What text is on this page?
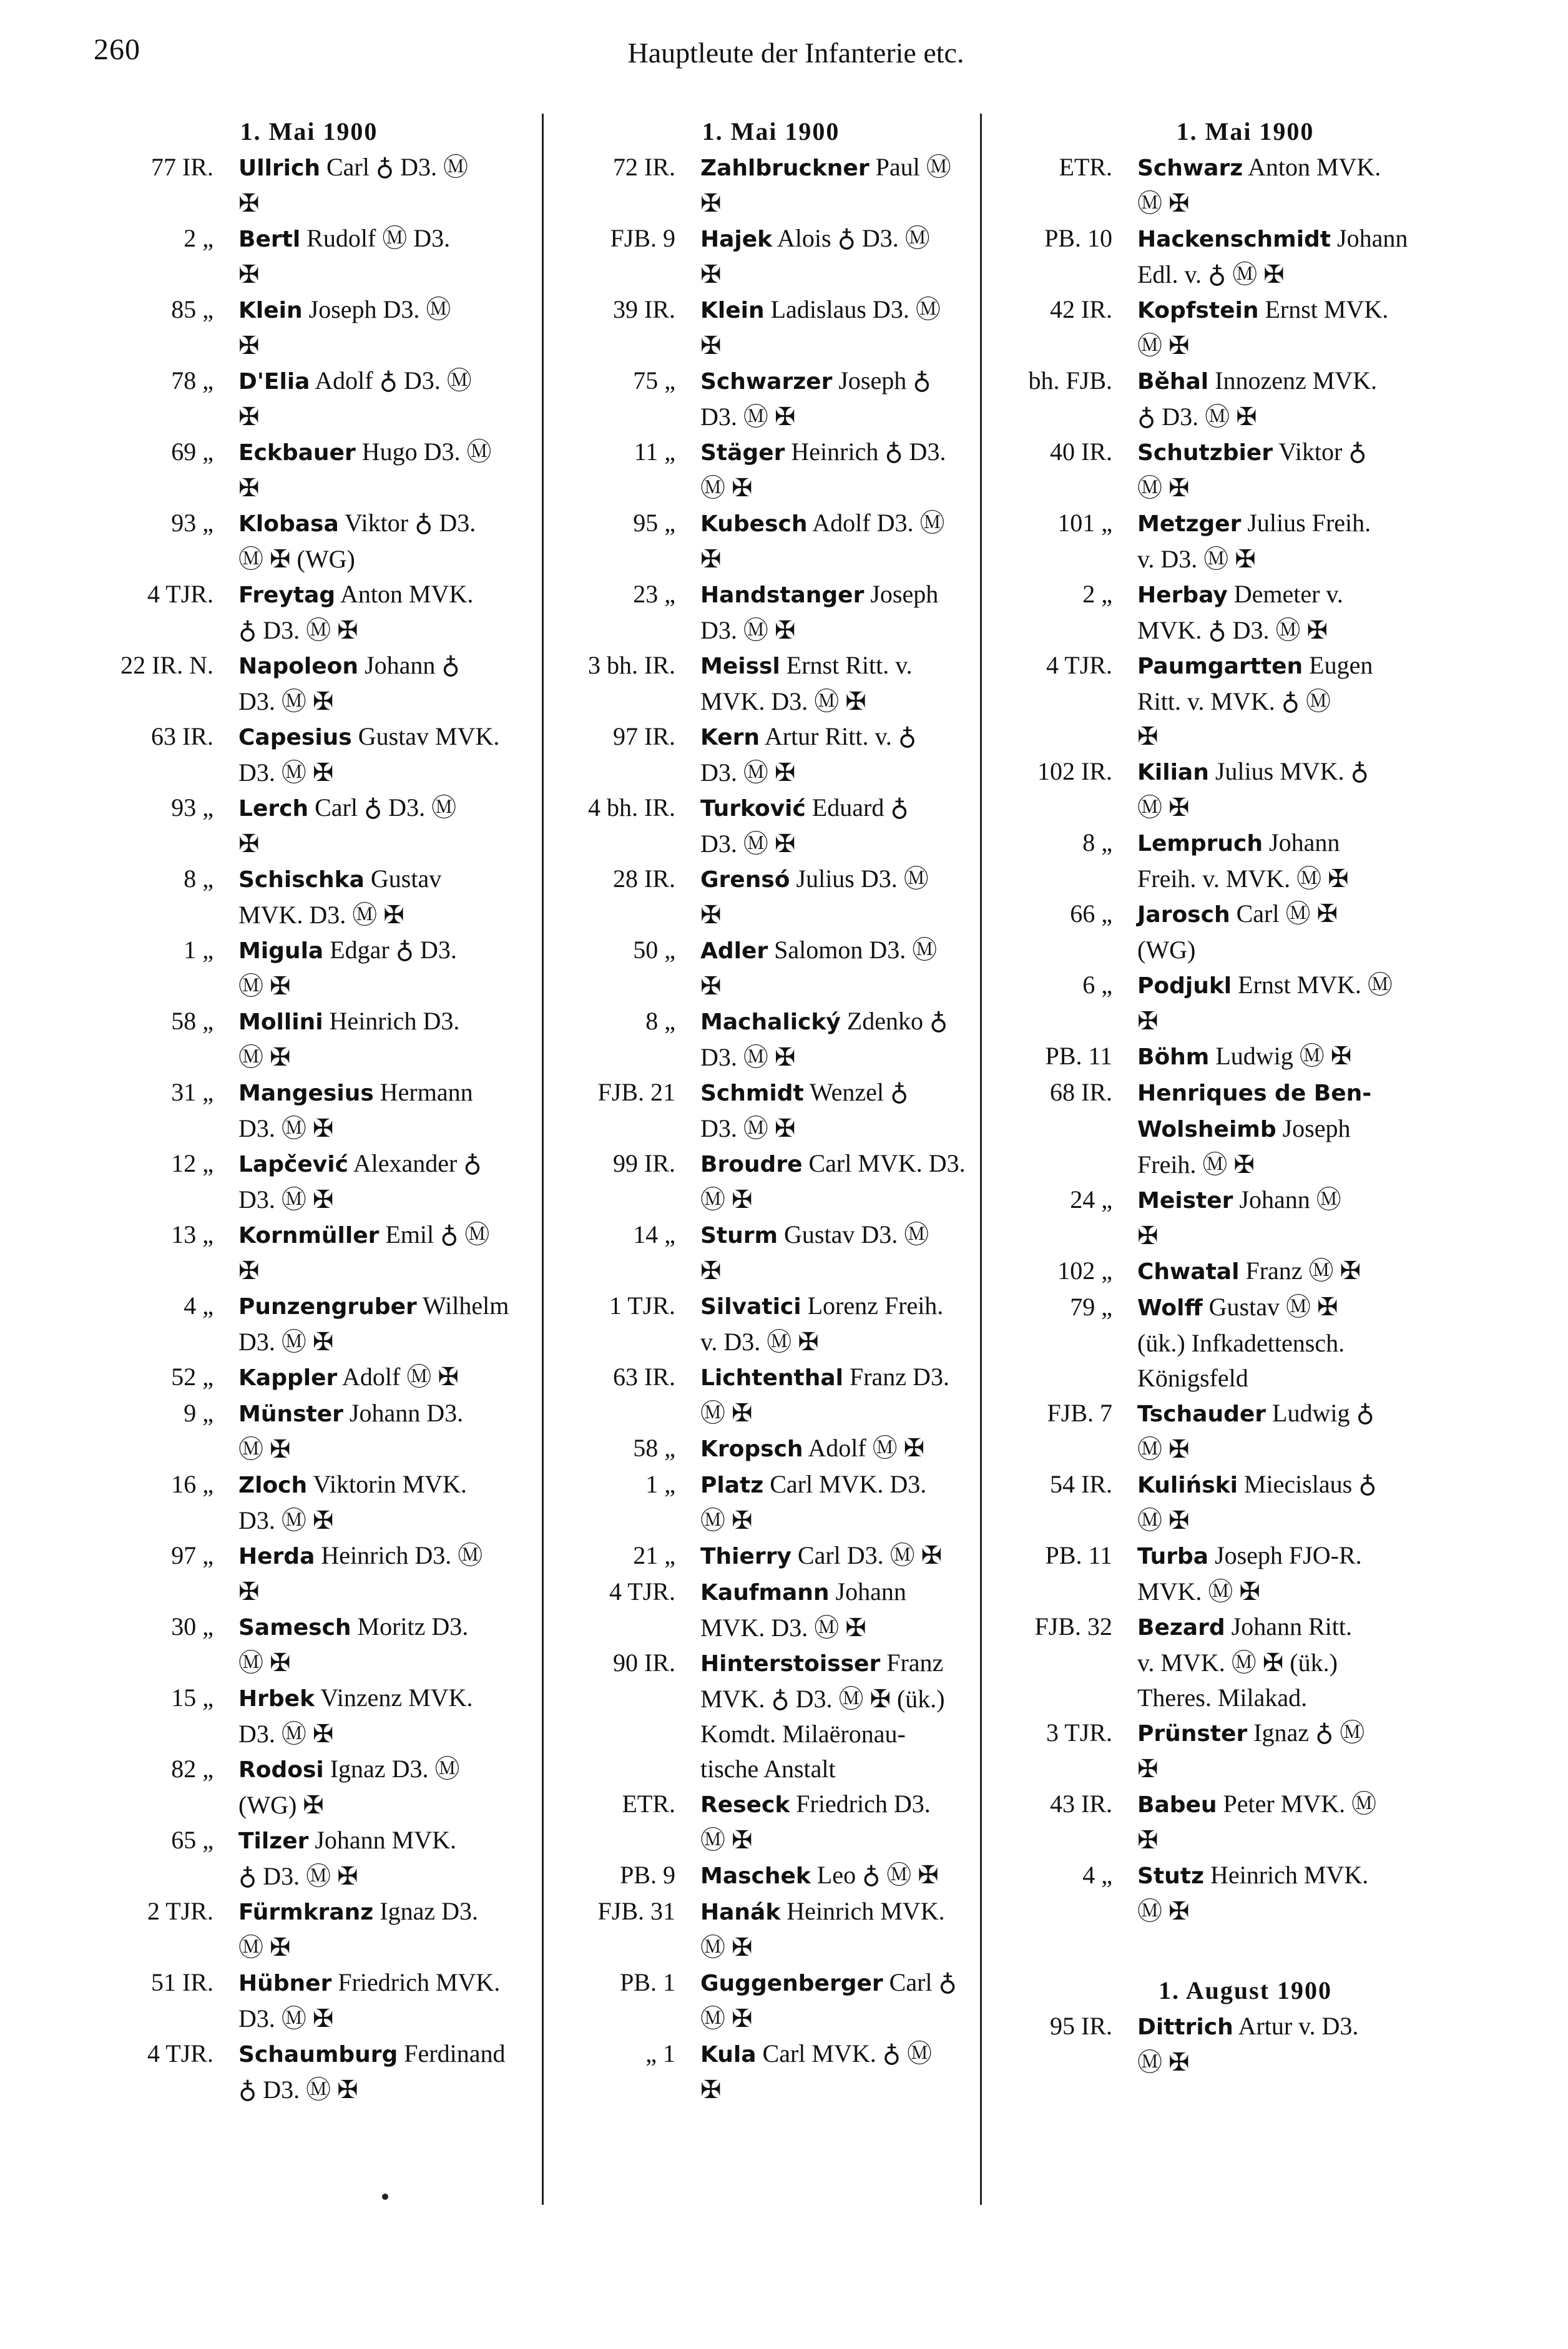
260	Hauptleute der Infanterie etc.
1. Mai 1900
77 IR.	Ullrich Carl ♁ D3. Ⓜ
✠
2 „	Bertl Rudolf Ⓜ D3.
✠
85 „	Klein Joseph D3. Ⓜ
✠
78 „	D'Elia Adolf ♁ D3. Ⓜ
✠
69 „	Eckbauer Hugo D3. Ⓜ
✠
93 „	Klobasa Viktor ♁ D3.
Ⓜ ✠ (WG)
4 TJR.	Freytag Anton MVK.
♁ D3. Ⓜ ✠
22 IR. N.	Napoleon Johann ♁
D3. Ⓜ ✠
63 IR.	Capesius Gustav MVK.
D3. Ⓜ ✠
93 „	Lerch Carl ♁ D3. Ⓜ
✠
8 „	Schischka Gustav
MVK. D3. Ⓜ ✠
1 „	Migula Edgar ♁ D3.
Ⓜ ✠
58 „	Mollini Heinrich D3.
Ⓜ ✠
31 „	Mangesius Hermann
D3. Ⓜ ✠
12 „	Lapčević Alexander ♁
D3. Ⓜ ✠
13 „	Kornmüller Emil ♁ Ⓜ
✠
4 „	Punzengruber Wilhelm
D3. Ⓜ ✠
52 „	Kappler Adolf Ⓜ ✠
9 „	Münster Johann D3.
Ⓜ ✠
16 „	Zloch Viktorin MVK.
D3. Ⓜ ✠
97 „	Herda Heinrich D3. Ⓜ
✠
30 „	Samesch Moritz D3.
Ⓜ ✠
15 „	Hrbek Vinzenz MVK.
D3. Ⓜ ✠
82 „	Rodosi Ignaz D3. Ⓜ
(WG) ✠
65 „	Tilzer Johann MVK.
♁ D3. Ⓜ ✠
2 TJR.	Fürmkranz Ignaz D3.
Ⓜ ✠
51 IR.	Hübner Friedrich MVK.
D3. Ⓜ ✠
4 TJR.	Schaumburg Ferdinand
♁ D3. Ⓜ ✠
1. Mai 1900
72 IR.	Zahlbruckner Paul Ⓜ
✠
FJB. 9	Hajek Alois ♁ D3. Ⓜ
✠
39 IR.	Klein Ladislaus D3. Ⓜ
✠
75 „	Schwarzer Joseph ♁
D3. Ⓜ ✠
11 „	Stäger Heinrich ♁ D3.
Ⓜ ✠
95 „	Kubesch Adolf D3. Ⓜ
✠
23 „	Handstanger Joseph
D3. Ⓜ ✠
3 bh. IR.	Meissl Ernst Ritt. v.
MVK. D3. Ⓜ ✠
97 IR.	Kern Artur Ritt. v. ♁
D3. Ⓜ ✠
4 bh. IR.	Turković Eduard ♁
D3. Ⓜ ✠
28 IR.	Grensó Julius D3. Ⓜ
✠
50 „	Adler Salomon D3. Ⓜ
✠
8 „	Machalický Zdenko ♁
D3. Ⓜ ✠
FJB. 21	Schmidt Wenzel ♁
D3. Ⓜ ✠
99 IR.	Broudre Carl MVK. D3.
Ⓜ ✠
14 „	Sturm Gustav D3. Ⓜ
✠
1 TJR.	Silvatici Lorenz Freih.
v. D3. Ⓜ ✠
63 IR.	Lichtenthal Franz D3.
Ⓜ ✠
58 „	Kropsch Adolf Ⓜ ✠
1 „	Platz Carl MVK. D3.
Ⓜ ✠
21 „	Thierry Carl D3. Ⓜ ✠
4 TJR.	Kaufmann Johann
MVK. D3. Ⓜ ✠
90 IR.	Hinterstoisser Franz
MVK. ♁ D3. Ⓜ ✠ (ük.)
Komdt. Milaëronau-
tische Anstalt
ETR.	Reseck Friedrich D3.
Ⓜ ✠
PB. 9	Maschek Leo ♁ Ⓜ ✠
FJB. 31	Hanák Heinrich MVK.
Ⓜ ✠
PB. 1	Guggenberger Carl ♁
Ⓜ ✠
„ 1	Kula Carl MVK. ♁ Ⓜ
✠
1. Mai 1900
ETR.	Schwarz Anton MVK.
Ⓜ ✠
PB. 10	Hackenschmidt Johann
Edl. v. ♁ Ⓜ ✠
42 IR.	Kopfstein Ernst MVK.
Ⓜ ✠
bh. FJB.	Běhal Innozenz MVK.
♁ D3. Ⓜ ✠
40 IR.	Schutzbier Viktor ♁
Ⓜ ✠
101 „	Metzger Julius Freih.
v. D3. Ⓜ ✠
2 „	Herbay Demeter v.
MVK. ♁ D3. Ⓜ ✠
4 TJR.	Paumgartten Eugen
Ritt. v. MVK. ♁ Ⓜ
✠
102 IR.	Kilian Julius MVK. ♁
Ⓜ ✠
8 „	Lempruch Johann
Freih. v. MVK. Ⓜ ✠
66 „	Jarosch Carl Ⓜ ✠
(WG)
6 „	Podjukl Ernst MVK. Ⓜ
✠
PB. 11	Böhm Ludwig Ⓜ ✠
68 IR.	Henriques de Ben-
Wolsheimb Joseph
Freih. Ⓜ ✠
24 „	Meister Johann Ⓜ
✠
102 „	Chwatal Franz Ⓜ ✠
79 „	Wolff Gustav Ⓜ ✠
(ük.) Infkadettensch.
Königsfeld
FJB. 7	Tschauder Ludwig ♁
Ⓜ ✠
54 IR.	Kuliński Miecislaus ♁
Ⓜ ✠
PB. 11	Turba Joseph FJO-R.
MVK. Ⓜ ✠
FJB. 32	Bezard Johann Ritt.
v. MVK. Ⓜ ✠ (ük.)
Theres. Milakad.
3 TJR.	Prünster Ignaz ♁ Ⓜ
✠
43 IR.	Babeu Peter MVK. Ⓜ
✠
4 „	Stutz Heinrich MVK.
Ⓜ ✠
1. August 1900
95 IR.	Dittrich Artur v. D3.
Ⓜ ✠
